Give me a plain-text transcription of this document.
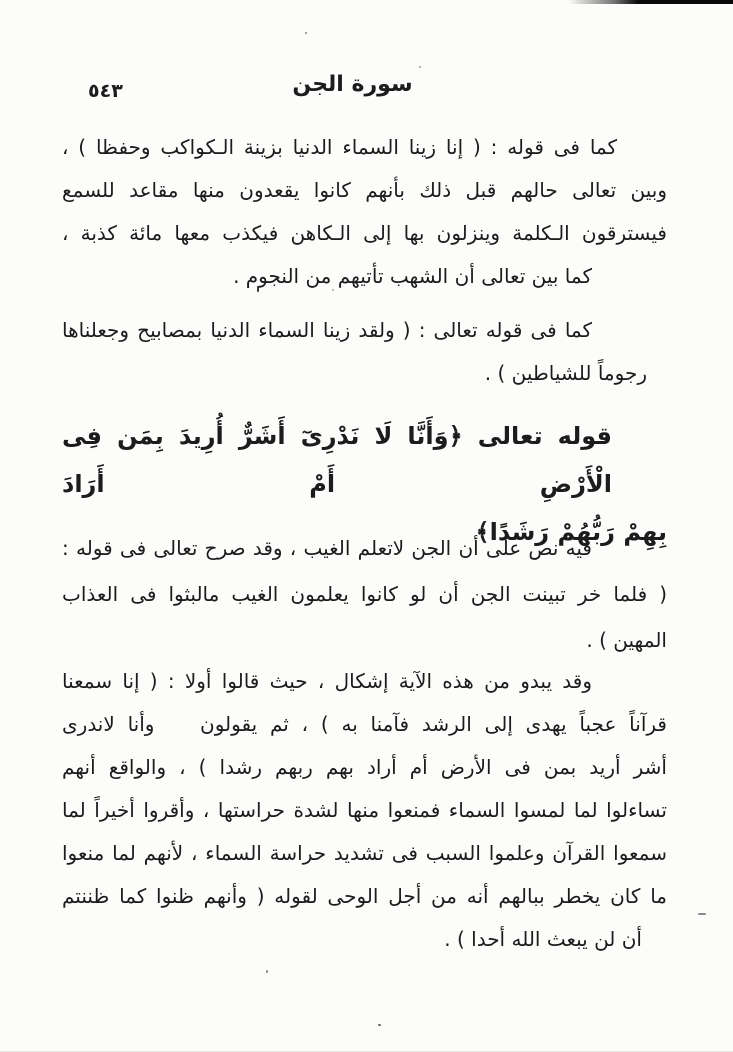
سورة الجن
٥٤٣
كما فى قوله : ( إنا زينا السماء الدنيا بزينة الـكواكب وحفظا ) ،
وبين تعالى حالهم قبل ذلك بأنهم كانوا يقعدون منها مقاعد للسمع
فيسترقون الـكلمة وينزلون بها إلى الـكاهن فيكذب معها مائة كذبة ،
كما بين تعالى أن الشهب تأتيهم من النجوم .
كما فى قوله تعالى : ( ولقد زينا السماء الدنيا بمصابيح وجعلناها
رجوماً للشياطين ) .
قوله تعالى ﴿وَأَنَّا لَا نَدْرِىٓ أَشَرٌّ أُرِيدَ بِمَن فِى الْأَرْضِ أَمْ أَرَادَ
بِهِمْ رَبُّهُمْ رَشَدًا﴾
فيه نص على أن الجن لاتعلم الغيب ، وقد صرح تعالى فى قوله :
( فلما خر تبينت الجن أن لو كانوا يعلمون الغيب مالبثوا فى العذاب
المهين ) .
وقد يبدو من هذه الآية إشكال ، حيث قالوا أولا : ( إنا سمعنا
قرآناً عجباً يهدى إلى الرشد فآمنا به ) ، ثم يقولون   وأنا لاندرى
أشر أريد بمن فى الأرض أم أراد بهم ربهم رشدا ) ، والواقع أنهم
تساءلوا لما لمسوا السماء فمنعوا منها لشدة حراستها ، وأقروا أخيراً لما
سمعوا القرآن وعلموا السبب فى تشديد حراسة السماء ، لأنهم لما منعوا
ما كان يخطر ببالهم أنه من أجل الوحى لقوله ( وأنهم ظنوا كما ظننتم
أن لن يبعث الله أحدا ) .
